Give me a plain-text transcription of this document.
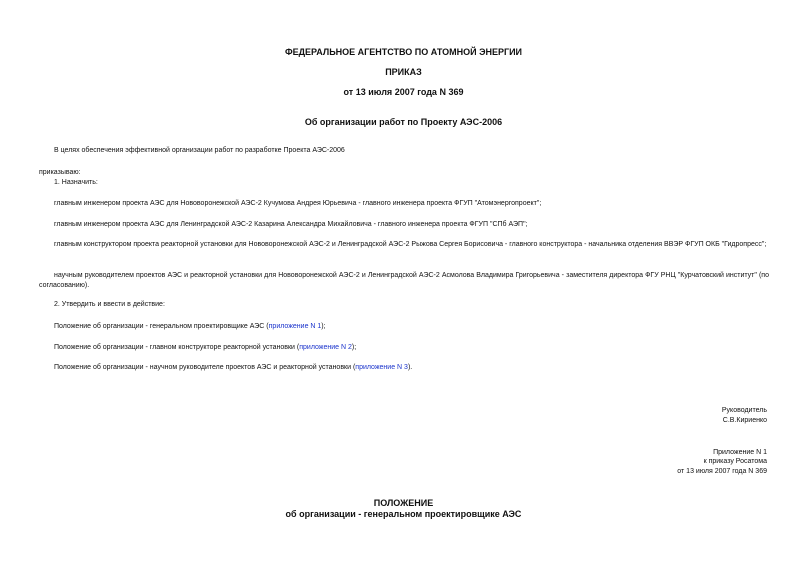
ФЕДЕРАЛЬНОЕ АГЕНТСТВО ПО АТОМНОЙ ЭНЕРГИИ
ПРИКАЗ
от 13 июля 2007 года N 369
Об организации работ по Проекту АЭС-2006
В целях обеспечения эффективной организации работ по разработке Проекта АЭС-2006
приказываю:
1. Назначить:
главным инженером проекта АЭС для Нововоронежской АЭС-2 Кучумова Андрея Юрьевича - главного инженера проекта ФГУП "Атомэнергопроект";
главным инженером проекта АЭС для Ленинградской АЭС-2 Казарина Александра Михайловича - главного инженера проекта ФГУП "СПб АЭП";
главным конструктором проекта реакторной установки для Нововоронежской АЭС-2 и Ленинградской АЭС-2 Рыжова Сергея Борисовича - главного конструктора - начальника отделения ВВЭР ФГУП ОКБ "Гидропресс";
научным руководителем проектов АЭС и реакторной установки для Нововоронежской АЭС-2 и Ленинградской АЭС-2 Асмолова Владимира Григорьевича - заместителя директора ФГУ РНЦ "Курчатовский институт" (по согласованию).
2. Утвердить и ввести в действие:
Положение об организации - генеральном проектировщике АЭС (приложение N 1);
Положение об организации - главном конструкторе реакторной установки (приложение N 2);
Положение об организации - научном руководителе проектов АЭС и реакторной установки (приложение N 3).
Руководитель
С.В.Кириенко
Приложение N 1
к приказу Росатома
от 13 июля 2007 года N 369
ПОЛОЖЕНИЕ
об организации - генеральном проектировщике АЭС
